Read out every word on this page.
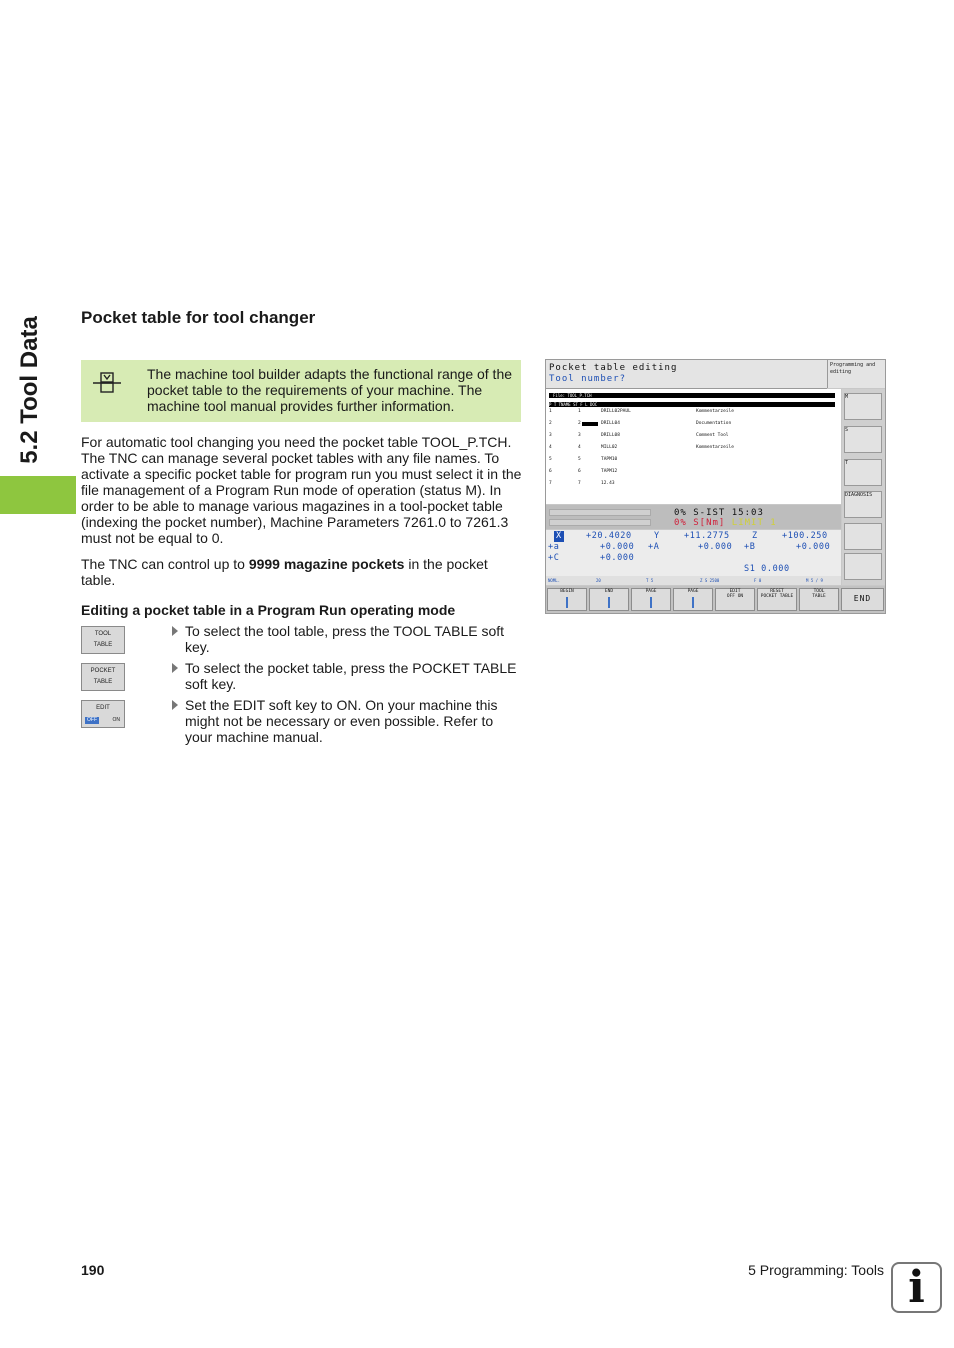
5.2 Tool Data Pocket table for tool changer
The machine tool builder adapts the functional range of the pocket table to the requirements of your machine. The machine tool manual provides further information.

For automatic tool changing you need the pocket table TOOL_P.TCH. The TNC can manage several pocket tables with any file names. To activate a specific pocket table for program run you must select it in the file management of a Program Run mode of operation (status M). In order to be able to manage various magazines in a tool-pocket table (indexing the pocket number), Machine Parameters 7261.0 to 7261.3 must not be equal to 0.

The TNC can control up to 9999 magazine pockets in the pocket table.

Editing a pocket table in a Program Run operating mode
TOOL
TABLE
POCKET
TABLE
EDIT
OFF	ON
To select the tool table, press the TOOL TABLE soft key.
To select the pocket table, press the POCKET TABLE soft key.
Set the EDIT soft key to ON. On your machine this might not be necessary or even possible. Refer to your machine manual.
Pocket table editing
Tool number?
Programming and editing
File: TOOL_P.TCH
P T TNAME ST F L DOC
1	1	DRILL02PAUL	Kommentarzeile
2	2	DRILL04	Documentation
3	3	DRILL08	Comment Tool
4	4	MILL02	Kommentarzeile
5	5	TAPM10
6	6	TAPM12
7	7	12.43
0% S-IST 15:03
0% S[Nm] LIMIT 1
X	+20.4020	Y	+11.2775	Z	+100.250
+a	+0.000 +A	+0.000 +B	+0.000
+C	+0.000
S1 0.000
NOML.	20	T 5	Z S 2500	F 0	M 5 / 9
M
S
T
DIAGNOSIS
BEGIN	END	PAGE	PAGE	EDIT
OFF ON
RESET
POCKET TABLE
TOOL
TABLE	END
190	5 Programming: Tools i
